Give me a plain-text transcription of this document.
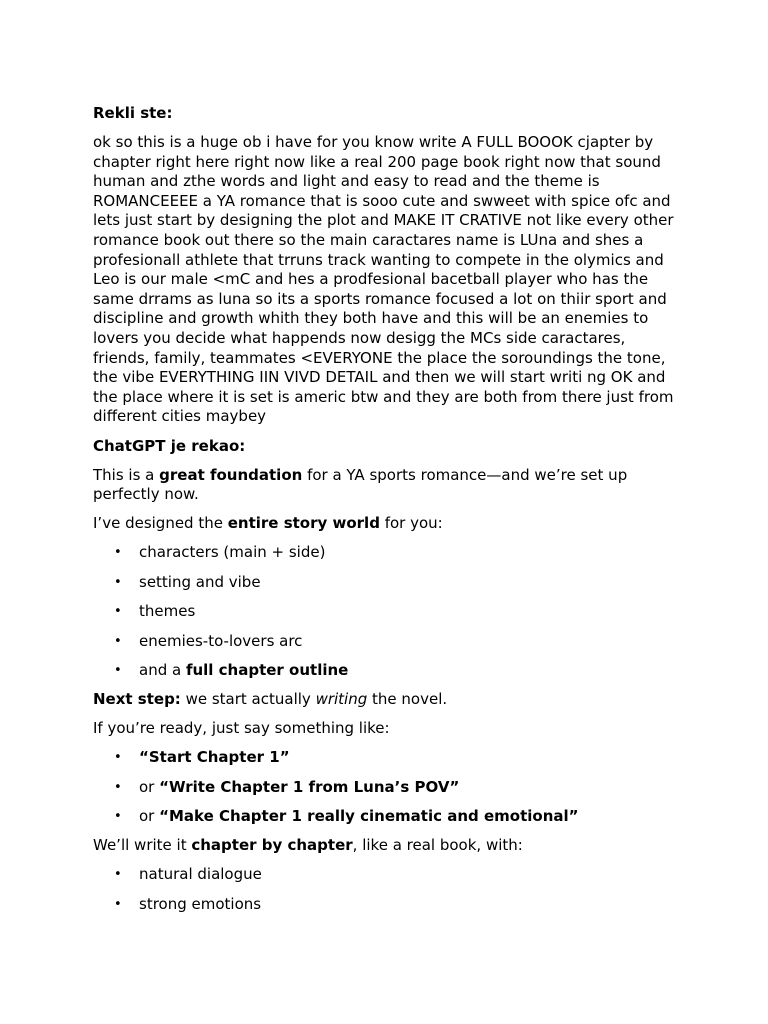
Rekli ste:

ok so this is a huge ob i have for you know write A FULL BOOOK cjapter by chapter right here right now like a real 200 page book right now that sound human and zthe words and light and easy to read and the theme is ROMANCEEEE a YA romance that is sooo cute and swweet with spice ofc and lets just start by designing the plot and MAKE IT CRATIVE not like every other romance book out there so the main caractares name is LUna and shes a profesionall athlete that trruns track wanting to compete in the olymics and Leo is our male <mC and hes a prodfesional bacetball player who has the same drrams as luna so its a sports romance focused a lot on thiir sport and discipline and growth whith they both have and this will be an enemies to lovers you decide what happends now desigg the MCs side caractares, friends, family, teammates <EVERYONE the place the soroundings the tone, the vibe EVERYTHING IIN VIVD DETAIL and then we will start writi ng OK and the place where it is set is americ btw and they are both from there just from different cities maybey

ChatGPT je rekao:

This is a great foundation for a YA sports romance—and we’re set up perfectly now.

I’ve designed the entire story world for you:

• characters (main + side)
• setting and vibe
• themes
• enemies-to-lovers arc
• and a full chapter outline

Next step: we start actually writing the novel.

If you’re ready, just say something like:

• “Start Chapter 1”
• or “Write Chapter 1 from Luna’s POV”
• or “Make Chapter 1 really cinematic and emotional”

We’ll write it chapter by chapter, like a real book, with:

• natural dialogue
• strong emotions
